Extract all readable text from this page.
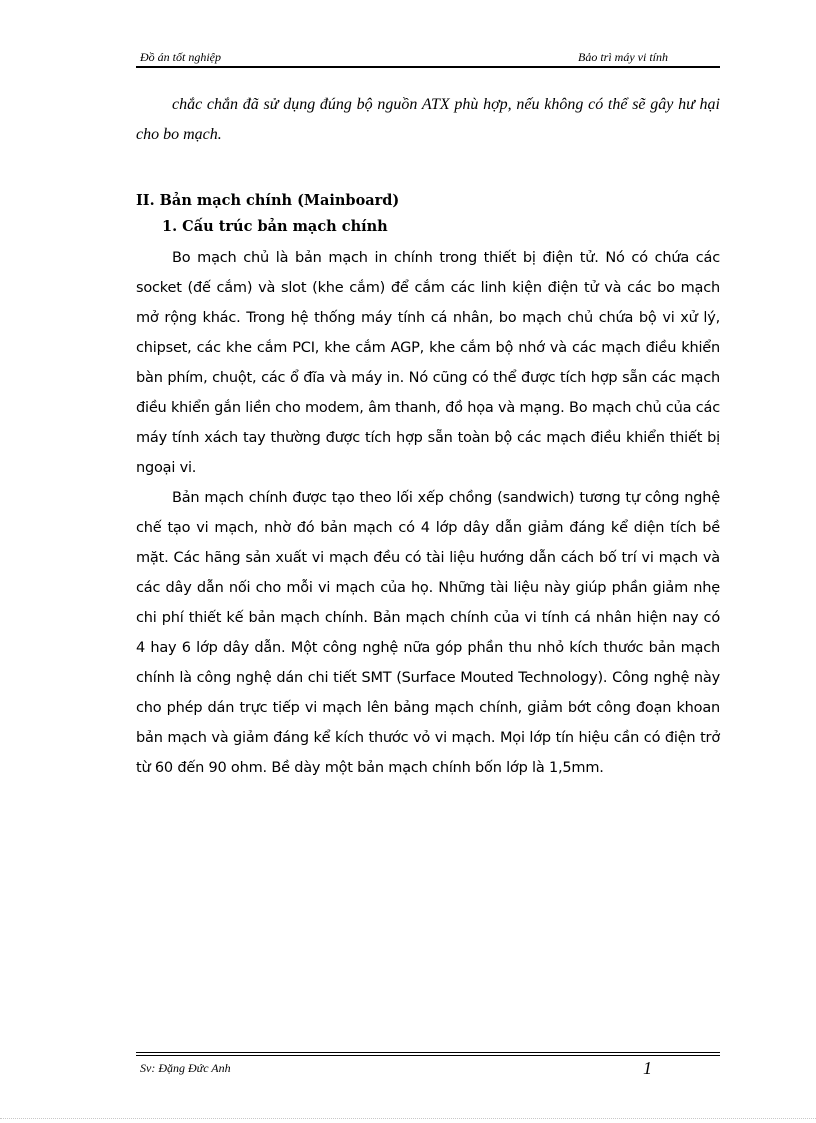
Đồ án tốt nghiệp	Bảo trì máy vi tính

chắc chắn đã sử dụng đúng bộ nguồn ATX phù hợp, nếu không có thể sẽ gây hư hại cho bo mạch.

II. Bản mạch chính (Mainboard)
1. Cấu trúc bản mạch chính

Bo mạch chủ là bản mạch in chính trong thiết bị điện tử. Nó có chứa các socket (đế cắm) và slot (khe cắm) để cắm các linh kiện điện tử và các bo mạch mở rộng khác. Trong hệ thống máy tính cá nhân, bo mạch chủ chứa bộ vi xử lý, chipset, các khe cắm PCI, khe cắm AGP, khe cắm bộ nhớ và các mạch điều khiển bàn phím, chuột, các ổ đĩa và máy in. Nó cũng có thể được tích hợp sẵn các mạch điều khiển gắn liền cho modem, âm thanh, đồ họa và mạng. Bo mạch chủ của các máy tính xách tay thường được tích hợp sẵn toàn bộ các mạch điều khiển thiết bị ngoại vi.

Bản mạch chính được tạo theo lối xếp chồng (sandwich) tương tự công nghệ chế tạo vi mạch, nhờ đó bản mạch có 4 lớp dây dẫn giảm đáng kể diện tích bề mặt. Các hãng sản xuất vi mạch đều có tài liệu hướng dẫn cách bố trí vi mạch và các dây dẫn nối cho mỗi vi mạch của họ. Những tài liệu này giúp phần giảm nhẹ chi phí thiết kế bản mạch chính. Bản mạch chính của vi tính cá nhân hiện nay có 4 hay 6 lớp dây dẫn. Một công nghệ nữa góp phần thu nhỏ kích thước bản mạch chính là công nghệ dán chi tiết SMT (Surface Mouted Technology). Công nghệ này cho phép dán trực tiếp vi mạch lên bảng mạch chính, giảm bớt công đoạn khoan bản mạch và giảm đáng kể kích thước vỏ vi mạch. Mọi lớp tín hiệu cần có điện trở từ 60 đến 90 ohm. Bề dày một bản mạch chính bốn lớp là 1,5mm.

Sv: Đặng Đức Anh	1
